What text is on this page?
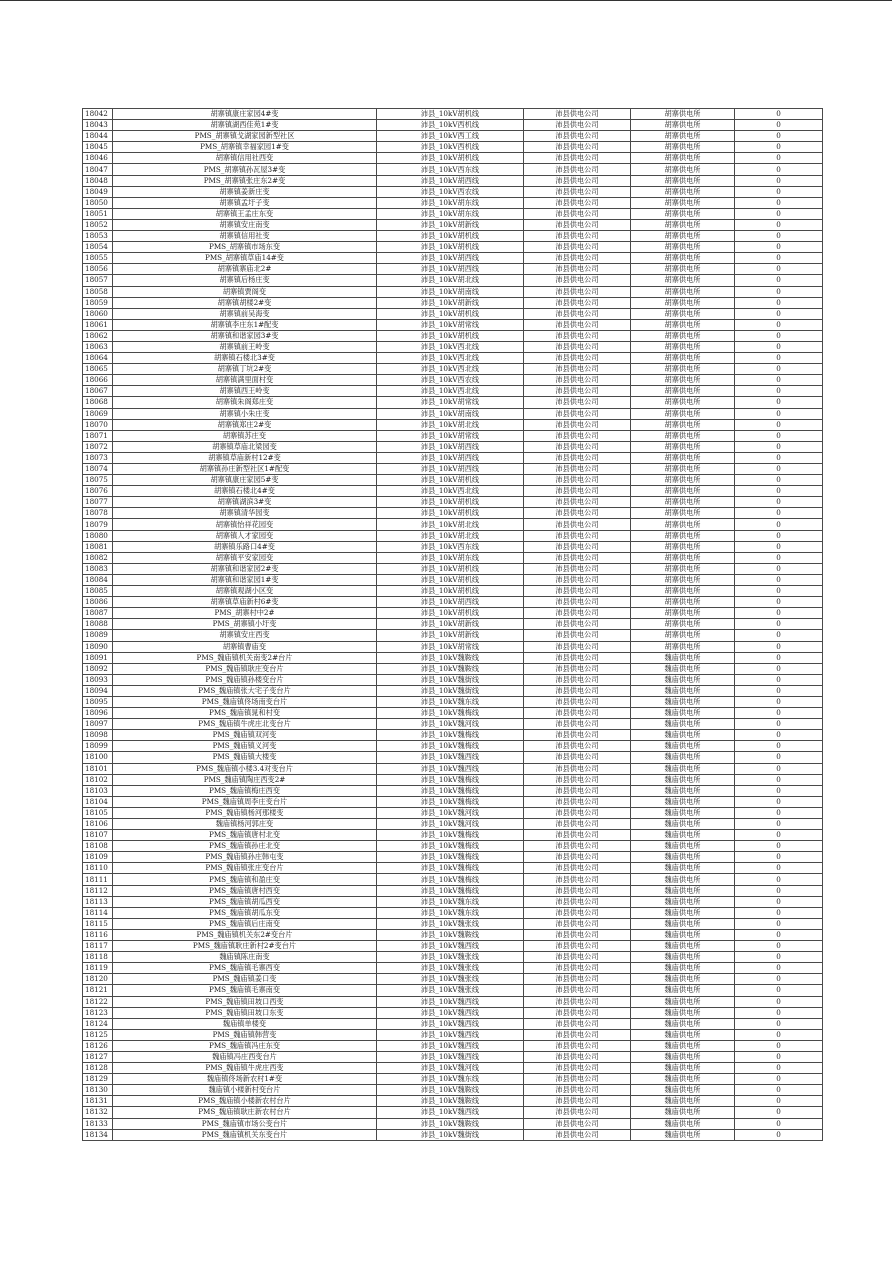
18042	胡寨镇康庄家园4#变	沛县_10kV胡机线	沛县供电公司	胡寨供电所	0
18043	胡寨镇湖西佳苑1#变	沛县_10kV西机线	沛县供电公司	胡寨供电所	0
18044	PMS_胡寨镇戈湖家园新型社区	沛县_10kV西工线	沛县供电公司	胡寨供电所	0
18045	PMS_胡寨镇幸福家园1#变	沛县_10kV西机线	沛县供电公司	胡寨供电所	0
18046	胡寨镇信用社西变	沛县_10kV胡机线	沛县供电公司	胡寨供电所	0
18047	PMS_胡寨镇孙瓦屋3#变	沛县_10kV西东线	沛县供电公司	胡寨供电所	0
18048	PMS_胡寨镇张庄东2#变	沛县_10kV胡西线	沛县供电公司	胡寨供电所	0
18049	胡寨镇姜新庄变	沛县_10kV西农线	沛县供电公司	胡寨供电所	0
18050	胡寨镇孟圩子变	沛县_10kV胡东线	沛县供电公司	胡寨供电所	0
18051	胡寨镇王孟庄东变	沛县_10kV胡东线	沛县供电公司	胡寨供电所	0
18052	胡寨镇安庄南变	沛县_10kV胡新线	沛县供电公司	胡寨供电所	0
18053	胡寨镇信用社变	沛县_10kV胡机线	沛县供电公司	胡寨供电所	0
18054	PMS_胡寨镇市场东变	沛县_10kV胡机线	沛县供电公司	胡寨供电所	0
18055	PMS_胡寨镇草庙14#变	沛县_10kV胡西线	沛县供电公司	胡寨供电所	0
18056	胡寨镇寨庙北2#	沛县_10kV胡西线	沛县供电公司	胡寨供电所	0
18057	胡寨镇后杨庄变	沛县_10kV胡北线	沛县供电公司	胡寨供电所	0
18058	胡寨镇贾阁变	沛县_10kV胡南线	沛县供电公司	胡寨供电所	0
18059	胡寨镇胡楼2#变	沛县_10kV胡新线	沛县供电公司	胡寨供电所	0
18060	胡寨镇前吴海变	沛县_10kV胡机线	沛县供电公司	胡寨供电所	0
18061	胡寨镇李庄东1#配变	沛县_10kV胡常线	沛县供电公司	胡寨供电所	0
18062	胡寨镇和谐家园3#变	沛县_10kV胡机线	沛县供电公司	胡寨供电所	0
18063	胡寨镇前王岭变	沛县_10kV西北线	沛县供电公司	胡寨供电所	0
18064	胡寨镇石楼北3#变	沛县_10kV西北线	沛县供电公司	胡寨供电所	0
18065	胡寨镇丁坑2#变	沛县_10kV西北线	沛县供电公司	胡寨供电所	0
18066	胡寨镇满里面村变	沛县_10kV西农线	沛县供电公司	胡寨供电所	0
18067	胡寨镇西王岭变	沛县_10kV西北线	沛县供电公司	胡寨供电所	0
18068	胡寨镇朱阁郑庄变	沛县_10kV胡常线	沛县供电公司	胡寨供电所	0
18069	胡寨镇小朱庄变	沛县_10kV胡南线	沛县供电公司	胡寨供电所	0
18070	胡寨镇郑庄2#变	沛县_10kV胡北线	沛县供电公司	胡寨供电所	0
18071	胡寨镇苏庄变	沛县_10kV胡常线	沛县供电公司	胡寨供电所	0
18072	胡寨镇草庙北梁园变	沛县_10kV胡西线	沛县供电公司	胡寨供电所	0
18073	胡寨镇草庙新村12#变	沛县_10kV胡西线	沛县供电公司	胡寨供电所	0
18074	胡寨镇孙庄新型社区1#配变	沛县_10kV胡西线	沛县供电公司	胡寨供电所	0
18075	胡寨镇康庄家园5#变	沛县_10kV胡机线	沛县供电公司	胡寨供电所	0
18076	胡寨镇石楼北4#变	沛县_10kV西北线	沛县供电公司	胡寨供电所	0
18077	胡寨镇湖滨3#变	沛县_10kV胡机线	沛县供电公司	胡寨供电所	0
18078	胡寨镇清华园变	沛县_10kV胡机线	沛县供电公司	胡寨供电所	0
18079	胡寨镇怡祥花园变	沛县_10kV胡北线	沛县供电公司	胡寨供电所	0
18080	胡寨镇人才家园变	沛县_10kV胡北线	沛县供电公司	胡寨供电所	0
18081	胡寨镇乐路口4#变	沛县_10kV西东线	沛县供电公司	胡寨供电所	0
18082	胡寨镇平安家园变	沛县_10kV胡东线	沛县供电公司	胡寨供电所	0
18083	胡寨镇和谐家园2#变	沛县_10kV胡机线	沛县供电公司	胡寨供电所	0
18084	胡寨镇和谐家园1#变	沛县_10kV胡机线	沛县供电公司	胡寨供电所	0
18085	胡寨镇观湖小区变	沛县_10kV胡机线	沛县供电公司	胡寨供电所	0
18086	胡寨镇草庙新村6#变	沛县_10kV胡西线	沛县供电公司	胡寨供电所	0
18087	PMS_胡寨村中2#	沛县_10kV胡机线	沛县供电公司	胡寨供电所	0
18088	PMS_胡寨镇小圩变	沛县_10kV胡新线	沛县供电公司	胡寨供电所	0
18089	胡寨镇安庄西变	沛县_10kV胡新线	沛县供电公司	胡寨供电所	0
18090	胡寨镇曹庙变	沛县_10kV胡常线	沛县供电公司	胡寨供电所	0
18091	PMS_魏庙镇机关南变2#台片	沛县_10kV魏鞍线	沛县供电公司	魏庙供电所	0
18092	PMS_魏庙镇耿庄变台片	沛县_10kV魏鞍线	沛县供电公司	魏庙供电所	0
18093	PMS_魏庙镇孙楼变台片	沛县_10kV魏街线	沛县供电公司	魏庙供电所	0
18094	PMS_魏庙镇张大宅子变台片	沛县_10kV魏街线	沛县供电公司	魏庙供电所	0
18095	PMS_魏庙镇佟场南变台片	沛县_10kV魏东线	沛县供电公司	魏庙供电所	0
18096	PMS_魏庙镇晁和村变	沛县_10kV魏梅线	沛县供电公司	魏庙供电所	0
18097	PMS_魏庙镇牛虎庄北变台片	沛县_10kV魏河线	沛县供电公司	魏庙供电所	0
18098	PMS_魏庙镇双河变	沛县_10kV魏梅线	沛县供电公司	魏庙供电所	0
18099	PMS_魏庙镇义河变	沛县_10kV魏梅线	沛县供电公司	魏庙供电所	0
18100	PMS_魏庙镇大楼变	沛县_10kV魏西线	沛县供电公司	魏庙供电所	0
18101	PMS_魏庙镇小楼3.4对变台片	沛县_10kV魏西线	沛县供电公司	魏庙供电所	0
18102	PMS_魏庙镇陶庄西变2#	沛县_10kV魏梅线	沛县供电公司	魏庙供电所	0
18103	PMS_魏庙镇梅庄西变	沛县_10kV魏梅线	沛县供电公司	魏庙供电所	0
18104	PMS_魏庙镇周李庄变台片	沛县_10kV魏梅线	沛县供电公司	魏庙供电所	0
18105	PMS_魏庙镇杨河那楼变	沛县_10kV魏河线	沛县供电公司	魏庙供电所	0
18106	魏庙镇杨河郭庄变	沛县_10kV魏河线	沛县供电公司	魏庙供电所	0
18107	PMS_魏庙镇唐村北变	沛县_10kV魏梅线	沛县供电公司	魏庙供电所	0
18108	PMS_魏庙镇孙庄北变	沛县_10kV魏梅线	沛县供电公司	魏庙供电所	0
18109	PMS_魏庙镇孙庄韩屯变	沛县_10kV魏梅线	沛县供电公司	魏庙供电所	0
18110	PMS_魏庙镇张庄变台片	沛县_10kV魏梅线	沛县供电公司	魏庙供电所	0
18111	PMS_魏庙镇和盈庄变	沛县_10kV魏梅线	沛县供电公司	魏庙供电所	0
18112	PMS_魏庙镇唐村西变	沛县_10kV魏梅线	沛县供电公司	魏庙供电所	0
18113	PMS_魏庙镇胡瓜西变	沛县_10kV魏东线	沛县供电公司	魏庙供电所	0
18114	PMS_魏庙镇胡瓜东变	沛县_10kV魏东线	沛县供电公司	魏庙供电所	0
18115	PMS_魏庙镇后庄南变	沛县_10kV魏张线	沛县供电公司	魏庙供电所	0
18116	PMS_魏庙镇机关东2#变台片	沛县_10kV魏鞍线	沛县供电公司	魏庙供电所	0
18117	PMS_魏庙镇耿庄新村2#变台片	沛县_10kV魏西线	沛县供电公司	魏庙供电所	0
18118	魏庙镇陈庄南变	沛县_10kV魏张线	沛县供电公司	魏庙供电所	0
18119	PMS_魏庙镇毛寨西变	沛县_10kV魏张线	沛县供电公司	魏庙供电所	0
18120	PMS_魏庙镇姜口变	沛县_10kV魏张线	沛县供电公司	魏庙供电所	0
18121	PMS_魏庙镇毛寨南变	沛县_10kV魏张线	沛县供电公司	魏庙供电所	0
18122	PMS_魏庙镇田坡口西变	沛县_10kV魏西线	沛县供电公司	魏庙供电所	0
18123	PMS_魏庙镇田坡口东变	沛县_10kV魏西线	沛县供电公司	魏庙供电所	0
18124	魏庙镇单楼变	沛县_10kV魏西线	沛县供电公司	魏庙供电所	0
18125	PMS_魏庙镇韩营变	沛县_10kV魏西线	沛县供电公司	魏庙供电所	0
18126	PMS_魏庙镇冯庄东变	沛县_10kV魏西线	沛县供电公司	魏庙供电所	0
18127	魏庙镇冯庄西变台片	沛县_10kV魏西线	沛县供电公司	魏庙供电所	0
18128	PMS_魏庙镇牛虎庄西变	沛县_10kV魏河线	沛县供电公司	魏庙供电所	0
18129	魏庙镇佟场新农村1#变	沛县_10kV魏东线	沛县供电公司	魏庙供电所	0
18130	魏庙镇小楼新村变台片	沛县_10kV魏鞍线	沛县供电公司	魏庙供电所	0
18131	PMS_魏庙镇小楼新农村台片	沛县_10kV魏鞍线	沛县供电公司	魏庙供电所	0
18132	PMS_魏庙镇耿庄新农村台片	沛县_10kV魏西线	沛县供电公司	魏庙供电所	0
18133	PMS_魏庙镇市场公变台片	沛县_10kV魏鞍线	沛县供电公司	魏庙供电所	0
18134	PMS_魏庙镇机关东变台片	沛县_10kV魏街线	沛县供电公司	魏庙供电所	0
